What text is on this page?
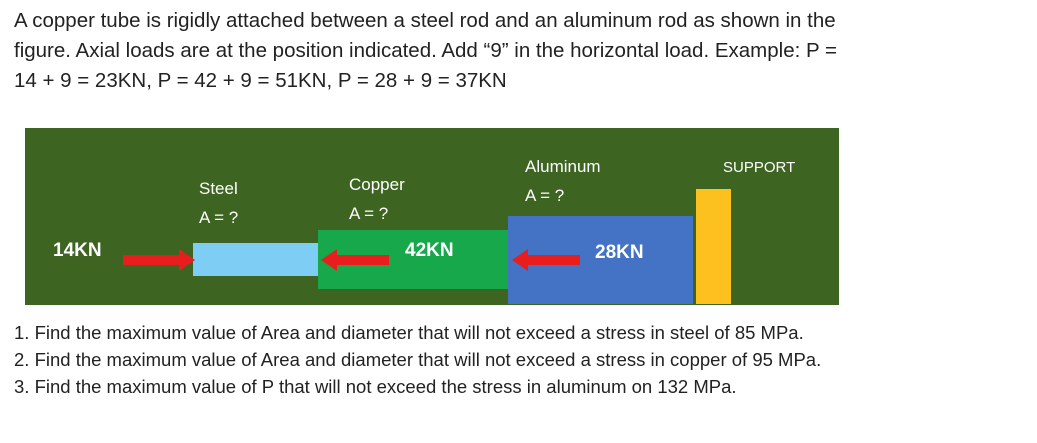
A copper tube is rigidly attached between a steel rod and an aluminum rod as shown in the
figure. Axial loads are at the position indicated. Add “9” in the horizontal load. Example: P =
14 + 9 = 23KN, P = 42 + 9 = 51KN, P = 28 + 9 = 37KN
Steel
A = ?
Copper
A = ?
Aluminum
A = ?
SUPPORT
14KN	42KN	28KN
1. Find the maximum value of Area and diameter that will not exceed a stress in steel of 85 MPa.
2. Find the maximum value of Area and diameter that will not exceed a stress in copper of 95 MPa.
3. Find the maximum value of P that will not exceed the stress in aluminum on 132 MPa.
